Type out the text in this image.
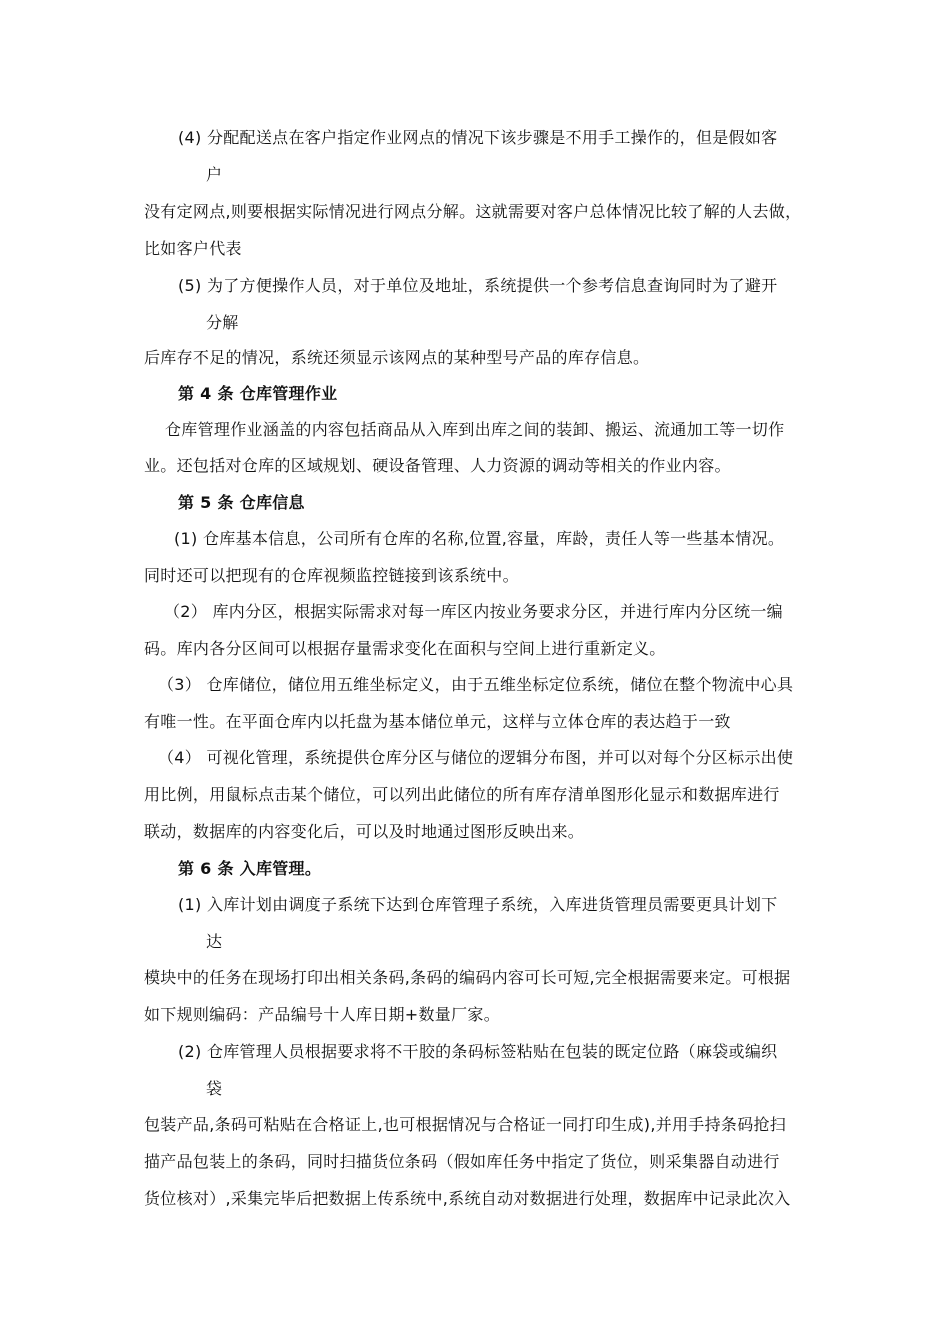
(4) 分配配送点在客户指定作业网点的情况下该步骤是不用手工操作的，但是假如客
户
没有定网点,则要根据实际情况进行网点分解。这就需要对客户总体情况比较了解的人去做，
比如客户代表
(5) 为了方便操作人员，对于单位及地址，系统提供一个参考信息查询同时为了避开
分解
后库存不足的情况，系统还须显示该网点的某种型号产品的库存信息。
第 4 条 仓库管理作业
仓库管理作业涵盖的内容包括商品从入库到出库之间的装卸、搬运、流通加工等一切作
业。还包括对仓库的区域规划、硬设备管理、人力资源的调动等相关的作业内容。
第 5 条 仓库信息
(1) 仓库基本信息，公司所有仓库的名称,位置,容量，库龄，责任人等一些基本情况。
同时还可以把现有的仓库视频监控链接到该系统中。
（2） 库内分区，根据实际需求对每一库区内按业务要求分区，并进行库内分区统一编
码。库内各分区间可以根据存量需求变化在面积与空间上进行重新定义。
（3） 仓库储位，储位用五维坐标定义，由于五维坐标定位系统，储位在整个物流中心具
有唯一性。在平面仓库内以托盘为基本储位单元，这样与立体仓库的表达趋于一致
（4） 可视化管理，系统提供仓库分区与储位的逻辑分布图，并可以对每个分区标示出使
用比例，用鼠标点击某个储位，可以列出此储位的所有库存清单图形化显示和数据库进行
联动，数据库的内容变化后，可以及时地通过图形反映出来。
第 6 条 入库管理。
(1) 入库计划由调度子系统下达到仓库管理子系统，入库进货管理员需要更具计划下
达
模块中的任务在现场打印出相关条码,条码的编码内容可长可短,完全根据需要来定。可根据
如下规则编码：产品编号十人库日期+数量厂家。
(2) 仓库管理人员根据要求将不干胶的条码标签粘贴在包装的既定位路（麻袋或编织
袋
包装产品,条码可粘贴在合格证上,也可根据情况与合格证一同打印生成),并用手持条码抢扫
描产品包装上的条码，同时扫描货位条码（假如库任务中指定了货位，则采集器自动进行
货位核对）,采集完毕后把数据上传系统中,系统自动对数据进行处理，数据库中记录此次入
